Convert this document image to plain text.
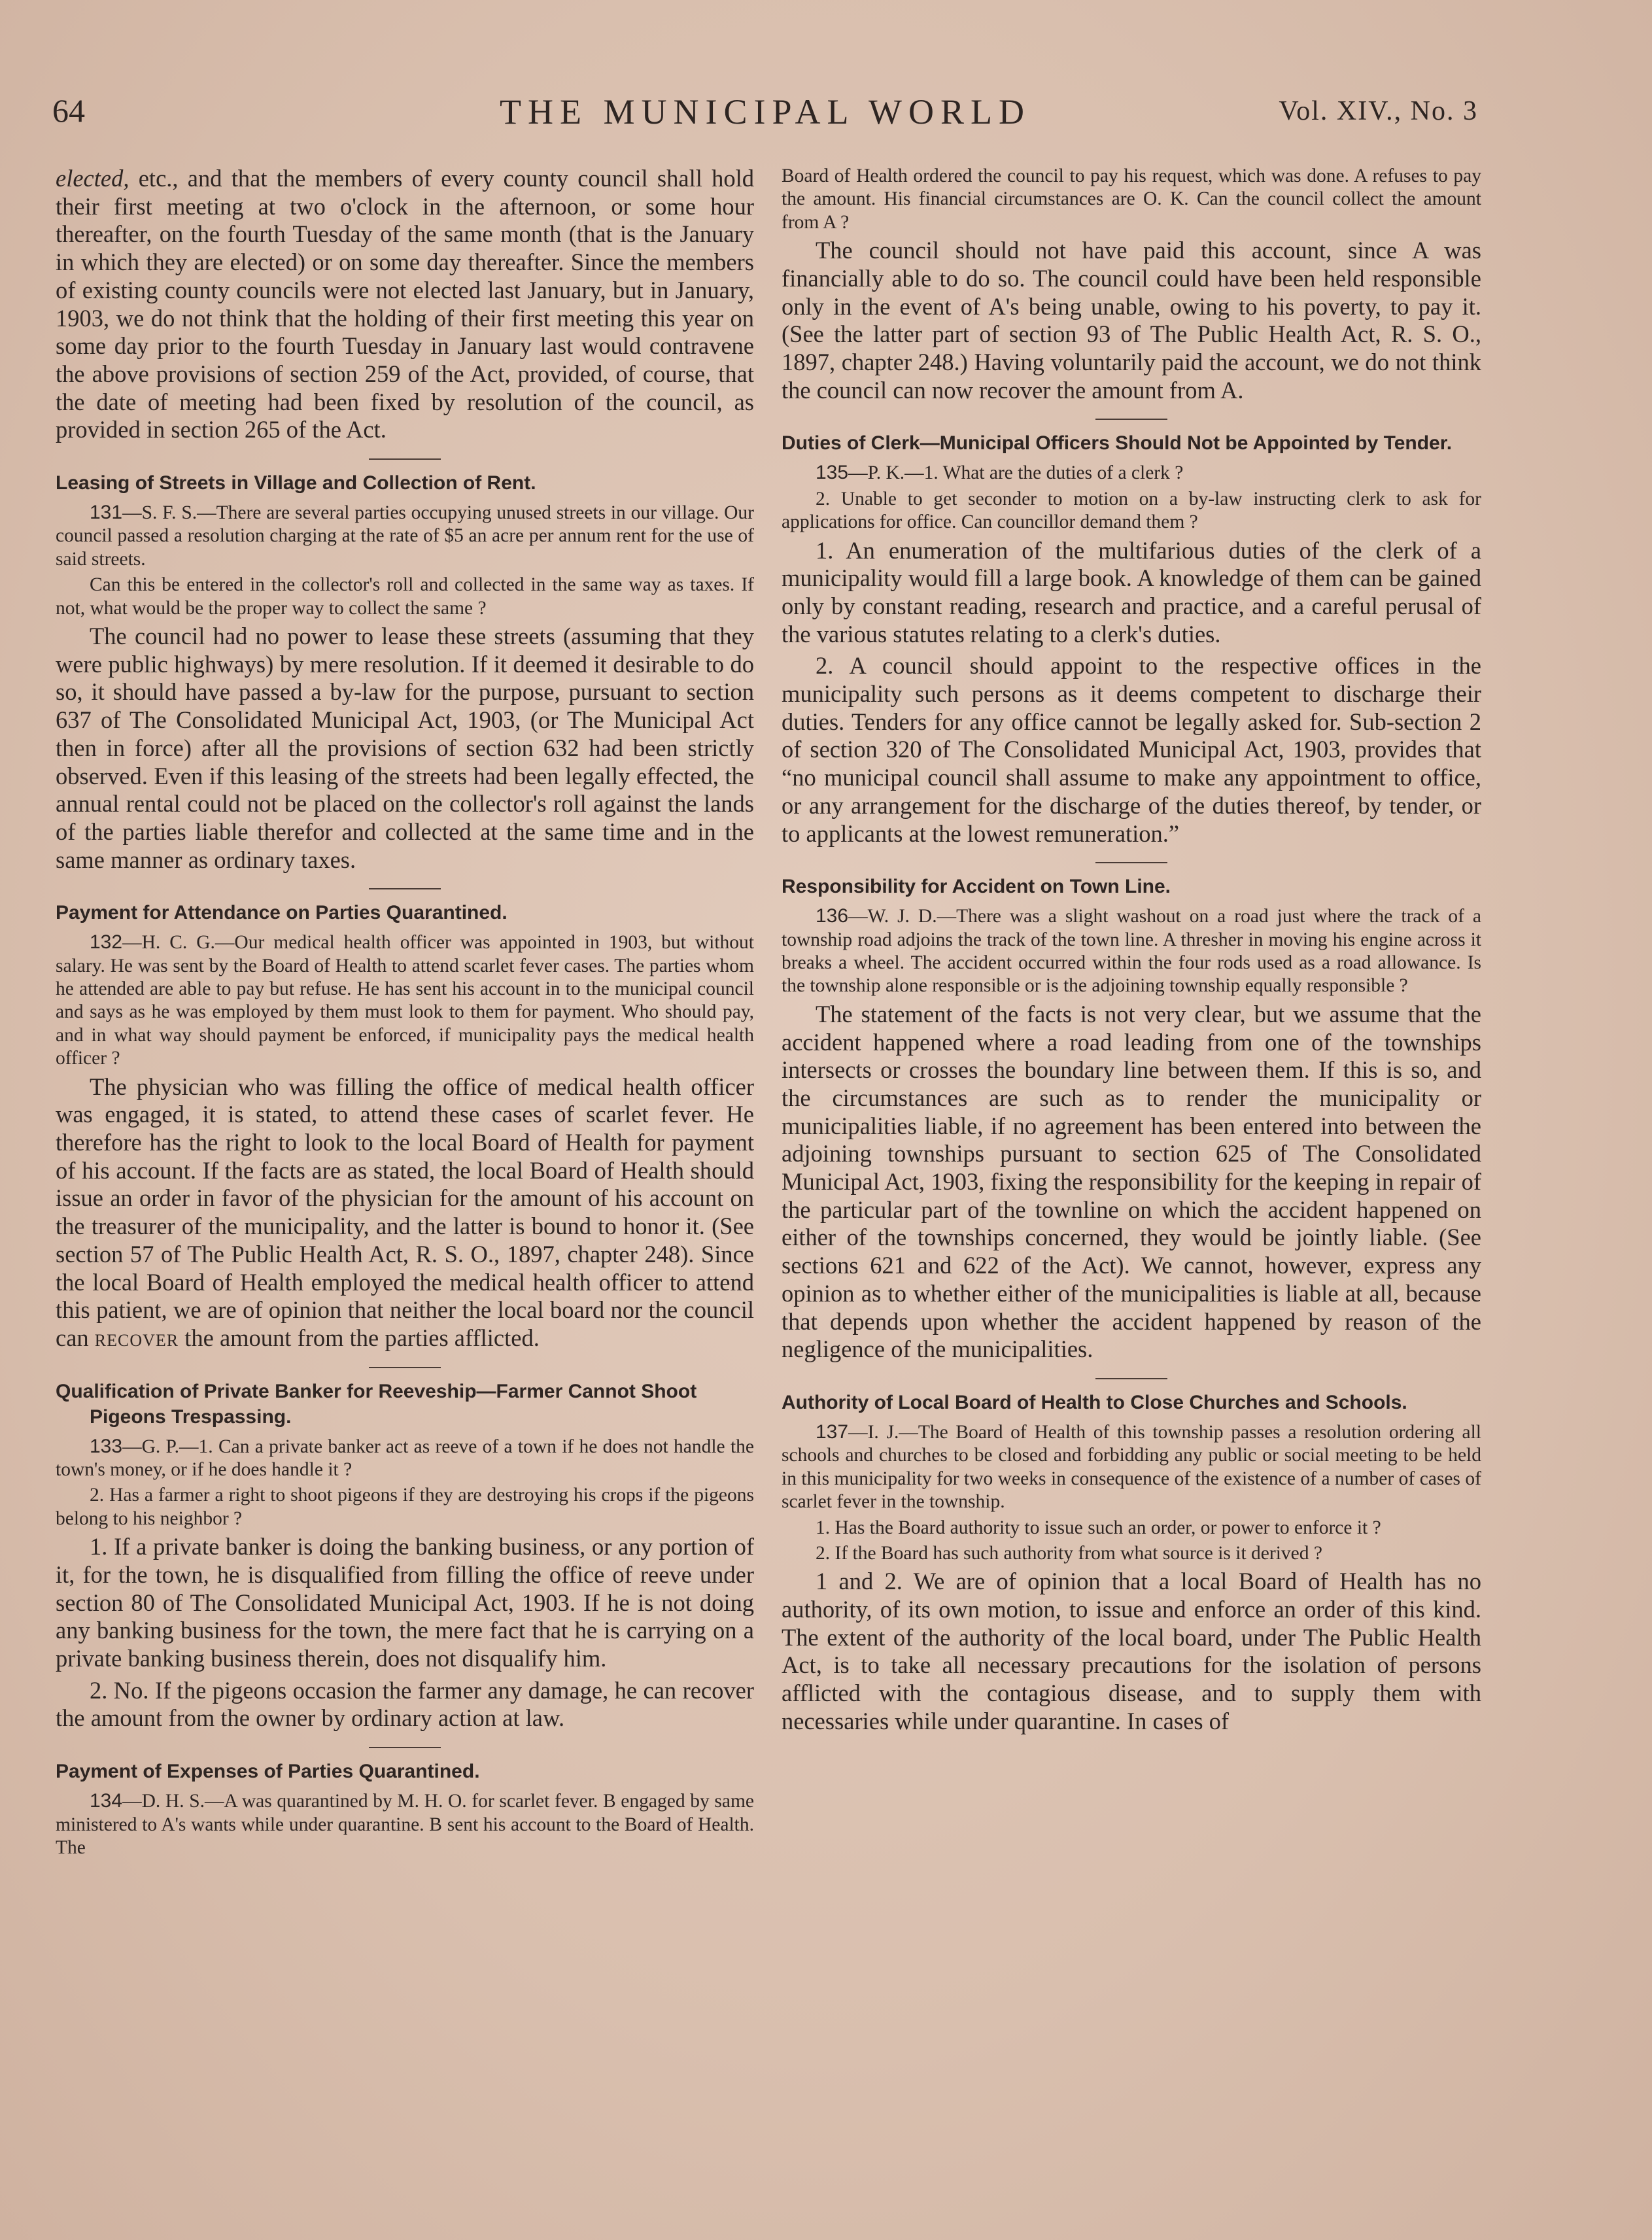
64	THE MUNICIPAL WORLD	Vol. XIV., No. 3

elected, etc., and that the members of every county council shall hold their first meeting at two o'clock in the afternoon, or some hour thereafter, on the fourth Tuesday of the same month (that is the January in which they are elected) or on some day thereafter. Since the members of existing county councils were not elected last January, but in January, 1903, we do not think that the holding of their first meeting this year on some day prior to the fourth Tuesday in January last would contravene the above provisions of section 259 of the Act, provided, of course, that the date of meeting had been fixed by resolution of the council, as provided in section 265 of the Act.

Leasing of Streets in Village and Collection of Rent.

131—S. F. S.—There are several parties occupying unused streets in our village. Our council passed a resolution charging at the rate of $5 an acre per annum rent for the use of said streets.

Can this be entered in the collector's roll and collected in the same way as taxes. If not, what would be the proper way to collect the same ?

The council had no power to lease these streets (assuming that they were public highways) by mere resolution. If it deemed it desirable to do so, it should have passed a by-law for the purpose, pursuant to section 637 of The Consolidated Municipal Act, 1903, (or The Municipal Act then in force) after all the provisions of section 632 had been strictly observed. Even if this leasing of the streets had been legally effected, the annual rental could not be placed on the collector's roll against the lands of the parties liable therefor and collected at the same time and in the same manner as ordinary taxes.

Payment for Attendance on Parties Quarantined.

132—H. C. G.—Our medical health officer was appointed in 1903, but without salary. He was sent by the Board of Health to attend scarlet fever cases. The parties whom he attended are able to pay but refuse. He has sent his account in to the municipal council and says as he was employed by them must look to them for payment. Who should pay, and in what way should payment be enforced, if municipality pays the medical health officer ?

The physician who was filling the office of medical health officer was engaged, it is stated, to attend these cases of scarlet fever. He therefore has the right to look to the local Board of Health for payment of his account. If the facts are as stated, the local Board of Health should issue an order in favor of the physician for the amount of his account on the treasurer of the municipality, and the latter is bound to honor it. (See section 57 of The Public Health Act, R. S. O., 1897, chapter 248). Since the local Board of Health employed the medical health officer to attend this patient, we are of opinion that neither the local board nor the council can recover the amount from the parties afflicted.

Qualification of Private Banker for Reeveship—Farmer Cannot Shoot Pigeons Trespassing.

133—G. P.—1. Can a private banker act as reeve of a town if he does not handle the town's money, or if he does handle it ?

2. Has a farmer a right to shoot pigeons if they are destroying his crops if the pigeons belong to his neighbor ?

1. If a private banker is doing the banking business, or any portion of it, for the town, he is disqualified from filling the office of reeve under section 80 of The Consolidated Municipal Act, 1903. If he is not doing any banking business for the town, the mere fact that he is carrying on a private banking business therein, does not disqualify him.

2. No. If the pigeons occasion the farmer any damage, he can recover the amount from the owner by ordinary action at law.

Payment of Expenses of Parties Quarantined.

134—D. H. S.—A was quarantined by M. H. O. for scarlet fever. B engaged by same ministered to A's wants while under quarantine. B sent his account to the Board of Health. The

Board of Health ordered the council to pay his request, which was done. A refuses to pay the amount. His financial circumstances are O. K. Can the council collect the amount from A ?

The council should not have paid this account, since A was financially able to do so. The council could have been held responsible only in the event of A's being unable, owing to his poverty, to pay it. (See the latter part of section 93 of The Public Health Act, R. S. O., 1897, chapter 248.) Having voluntarily paid the account, we do not think the council can now recover the amount from A.

Duties of Clerk—Municipal Officers Should Not be Appointed by Tender.

135—P. K.—1. What are the duties of a clerk ?

2. Unable to get seconder to motion on a by-law instructing clerk to ask for applications for office. Can councillor demand them ?

1. An enumeration of the multifarious duties of the clerk of a municipality would fill a large book. A knowledge of them can be gained only by constant reading, research and practice, and a careful perusal of the various statutes relating to a clerk's duties.

2. A council should appoint to the respective offices in the municipality such persons as it deems competent to discharge their duties. Tenders for any office cannot be legally asked for. Sub-section 2 of section 320 of The Consolidated Municipal Act, 1903, provides that “no municipal council shall assume to make any appointment to office, or any arrangement for the discharge of the duties thereof, by tender, or to applicants at the lowest remuneration.”

Responsibility for Accident on Town Line.

136—W. J. D.—There was a slight washout on a road just where the track of a township road adjoins the track of the town line. A thresher in moving his engine across it breaks a wheel. The accident occurred within the four rods used as a road allowance. Is the township alone responsible or is the adjoining township equally responsible ?

The statement of the facts is not very clear, but we assume that the accident happened where a road leading from one of the townships intersects or crosses the boundary line between them. If this is so, and the circumstances are such as to render the municipality or municipalities liable, if no agreement has been entered into between the adjoining townships pursuant to section 625 of The Consolidated Municipal Act, 1903, fixing the responsibility for the keeping in repair of the particular part of the townline on which the accident happened on either of the townships concerned, they would be jointly liable. (See sections 621 and 622 of the Act). We cannot, however, express any opinion as to whether either of the municipalities is liable at all, because that depends upon whether the accident happened by reason of the negligence of the municipalities.

Authority of Local Board of Health to Close Churches and Schools.

137—I. J.—The Board of Health of this township passes a resolution ordering all schools and churches to be closed and forbidding any public or social meeting to be held in this municipality for two weeks in consequence of the existence of a number of cases of scarlet fever in the township.

1. Has the Board authority to issue such an order, or power to enforce it ?

2. If the Board has such authority from what source is it derived ?

1 and 2. We are of opinion that a local Board of Health has no authority, of its own motion, to issue and enforce an order of this kind. The extent of the authority of the local board, under The Public Health Act, is to take all necessary precautions for the isolation of persons afflicted with the contagious disease, and to supply them with necessaries while under quarantine. In cases of
